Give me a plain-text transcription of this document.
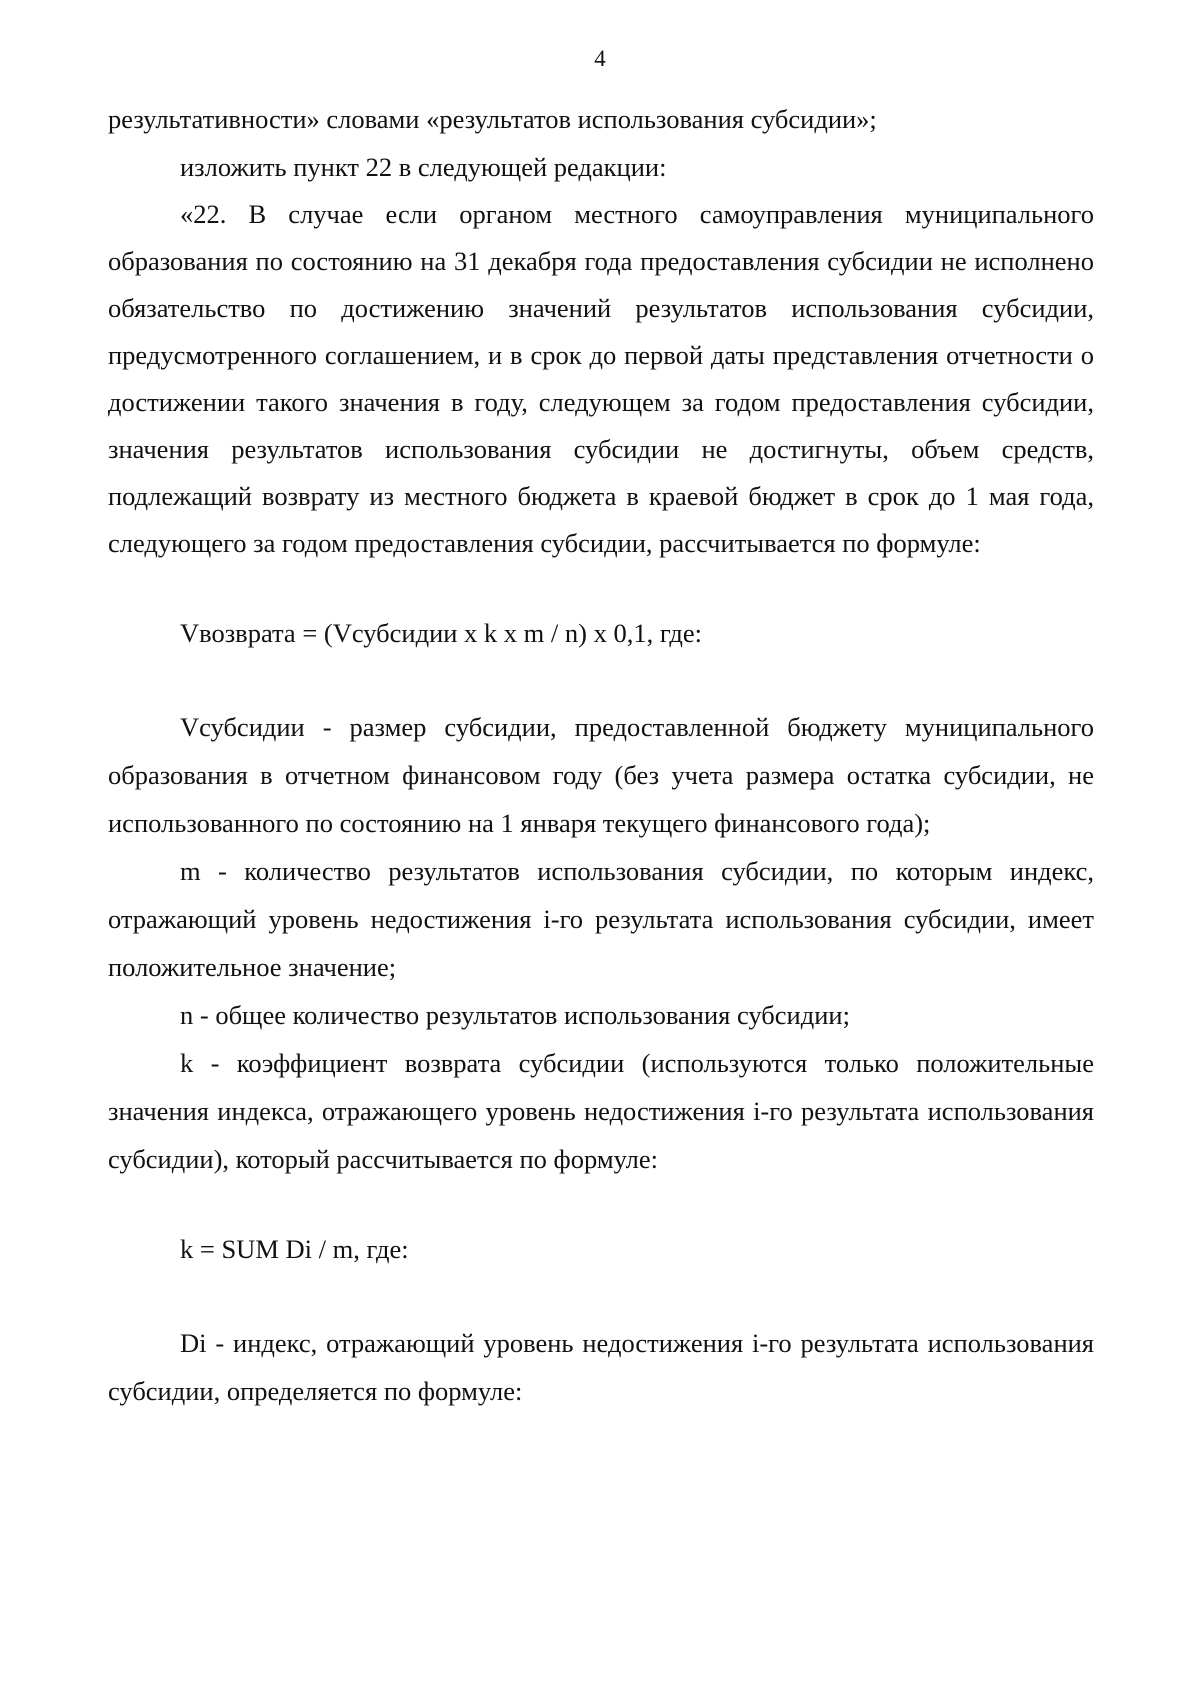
4

результативности» словами «результатов использования субсидии»;

изложить пункт 22 в следующей редакции:

«22. В случае если органом местного самоуправления муниципального образования по состоянию на 31 декабря года предоставления субсидии не исполнено обязательство по достижению значений результатов использования субсидии, предусмотренного соглашением, и в срок до первой даты представления отчетности о достижении такого значения в году, следующем за годом предоставления субсидии, значения результатов использования субсидии не достигнуты, объем средств, подлежащий возврату из местного бюджета в краевой бюджет в срок до 1 мая года, следующего за годом предоставления субсидии, рассчитывается по формуле:

Vвозврата = (Vсубсидии x k x m / n) x 0,1, где:

Vсубсидии - размер субсидии, предоставленной бюджету муниципального образования в отчетном финансовом году (без учета размера остатка субсидии, не использованного по состоянию на 1 января текущего финансового года);

m - количество результатов использования субсидии, по которым индекс, отражающий уровень недостижения i-го результата использования субсидии, имеет положительное значение;

n - общее количество результатов использования субсидии;

k - коэффициент возврата субсидии (используются только положительные значения индекса, отражающего уровень недостижения i-го результата использования субсидии), который рассчитывается по формуле:

k = SUM Di / m, где:

Di - индекс, отражающий уровень недостижения i-го результата использования субсидии, определяется по формуле:
